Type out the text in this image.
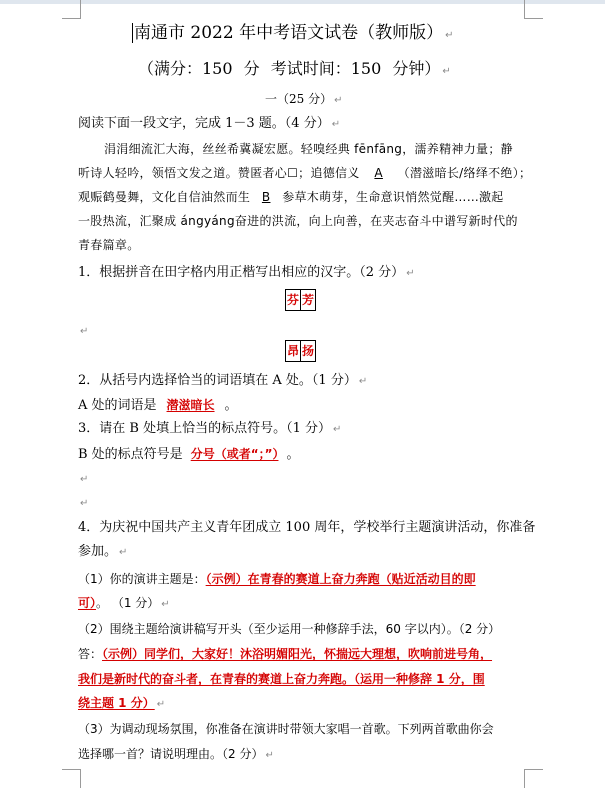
南通市 2022 年中考语文试卷（教师版） ↵
（满分：150 分 考试时间：150 分钟） ↵
一（25 分） ↵
阅读下面一段文字，完成 1－3 题。（4 分） ↵
涓涓细流汇大海，丝丝希冀凝宏愿。轻嗅经典 fēnfāng，濡养精神力量；静
听诗人轻吟，领悟文发之道。赞匿者心☐；追德信义 A （潜滋暗长/络绎不绝）；
观赈鹤曼舞，文化自信油然而生 B 参草木萌芽，生命意识悄然觉醒……激起
一股热流，汇聚成 ángyáng奋进的洪流，向上向善，在夹志奋斗中谱写新时代的
青春篇章。
1．根据拼音在田字格内用正楷写出相应的汉字。（2 分） ↵
芬 芳
↵
昂 扬
2．从括号内选择恰当的词语填在 A 处。（1 分） ↵
A 处的词语是 潜滋暗长 。
3．请在 B 处填上恰当的标点符号。（1 分） ↵
B 处的标点符号是 分号（或者“；”） 。
↵
↵
4．为庆祝中国共产主义青年团成立 100 周年，学校举行主题演讲活动，你准备
参加。 ↵
（1）你的演讲主题是：（示例）在青春的赛道上奋力奔跑（贴近活动目的即
可）。 （1 分） ↵
（2）围绕主题给演讲稿写开头（至少运用一种修辞手法，60 字以内）。（2 分）
答：（示例）同学们，大家好！沐浴明媚阳光，怀揣远大理想，吹响前进号角，
我们是新时代的奋斗者，在青春的赛道上奋力奔跑。（运用一种修辞 1 分，围
绕主题 1 分） ↵
（3）为调动现场氛围，你准备在演讲时带领大家唱一首歌。下列两首歌曲你会
选择哪一首？请说明理由。（2 分） ↵
